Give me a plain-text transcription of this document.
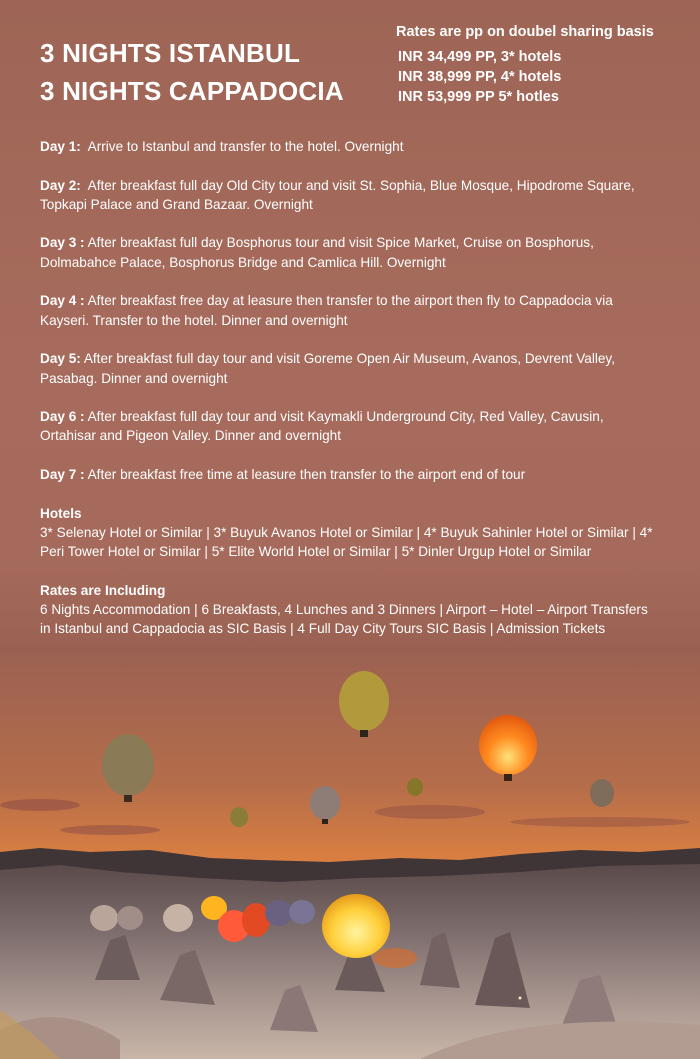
3 NIGHTS ISTANBUL
3 NIGHTS CAPPADOCIA
Rates are pp on doubel sharing basis
INR 34,499 PP, 3* hotels
INR 38,999 PP, 4* hotels
INR 53,999 PP 5* hotles

Day 1: Arrive to Istanbul and transfer to the hotel. Overnight

Day 2: After breakfast full day Old City tour and visit St. Sophia, Blue Mosque, Hipodrome Square, Topkapi Palace and Grand Bazaar. Overnight

Day 3 : After breakfast full day Bosphorus tour and visit Spice Market, Cruise on Bosphorus, Dolmabahce Palace, Bosphorus Bridge and Camlica Hill. Overnight

Day 4 : After breakfast free day at leasure then transfer to the airport then fly to Cappadocia via Kayseri. Transfer to the hotel. Dinner and overnight

Day 5: After breakfast full day tour and visit Goreme Open Air Museum, Avanos, Devrent Valley, Pasabag. Dinner and overnight

Day 6 : After breakfast full day tour and visit Kaymakli Underground City, Red Valley, Cavusin, Ortahisar and Pigeon Valley. Dinner and overnight

Day 7 : After breakfast free time at leasure then transfer to the airport end of tour

Hotels
3* Selenay Hotel or Similar | 3* Buyuk Avanos Hotel or Similar | 4* Buyuk Sahinler Hotel or Similar | 4* Peri Tower Hotel or Similar | 5* Elite World Hotel or Similar | 5* Dinler Urgup Hotel or Similar
Rates are Including
6 Nights Accommodation | 6 Breakfasts, 4 Lunches and 3 Dinners | Airport – Hotel – Airport Transfers in Istanbul and Cappadocia as SIC Basis | 4 Full Day City Tours SIC Basis | Admission Tickets
